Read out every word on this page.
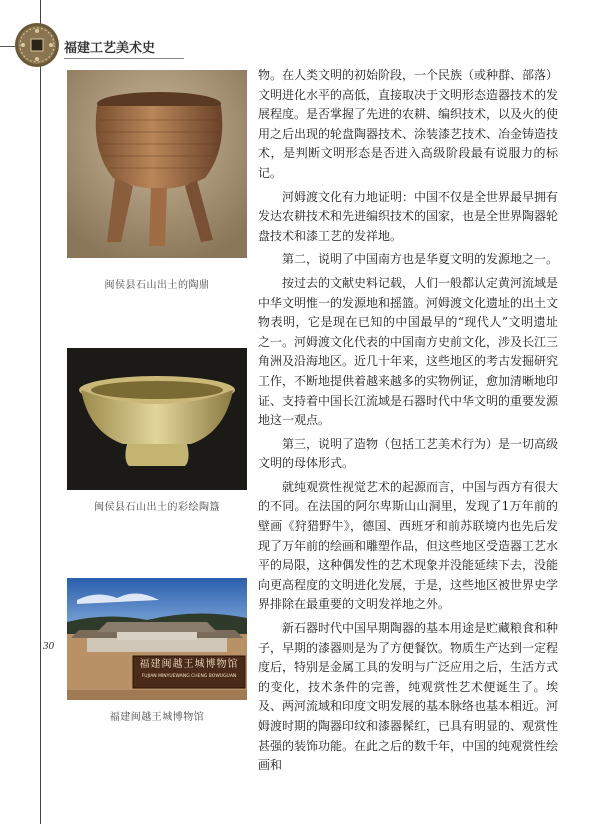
福建工艺美术史
闽侯县石山出土的陶鼎
闽侯县石山出土的彩绘陶簋
福建闽越王城博物馆
FUJIAN MINYUEWANG CHENG BOWUGUAN
福建闽越王城博物馆
30

物。在人类文明的初始阶段，一个民族（或种群、部落）文明进化水平的高低，直接取决于文明形态造器技术的发展程度。是否掌握了先进的农耕、编织技术，以及火的使用之后出现的轮盘陶器技术、涂装漆艺技术、冶金铸造技术，是判断文明形态是否进入高级阶段最有说服力的标记。

河姆渡文化有力地证明：中国不仅是全世界最早拥有发达农耕技术和先进编织技术的国家，也是全世界陶器轮盘技术和漆工艺的发祥地。

第二，说明了中国南方也是华夏文明的发源地之一。

按过去的文献史料记载，人们一般都认定黄河流域是中华文明惟一的发源地和摇篮。河姆渡文化遗址的出土文物表明，它是现在已知的中国最早的“现代人”文明遗址之一。河姆渡文化代表的中国南方史前文化，涉及长江三角洲及沿海地区。近几十年来，这些地区的考古发掘研究工作，不断地提供着越来越多的实物例证，愈加清晰地印证、支持着中国长江流域是石器时代中华文明的重要发源地这一观点。

第三，说明了造物（包括工艺美术行为）是一切高级文明的母体形式。

就纯观赏性视觉艺术的起源而言，中国与西方有很大的不同。在法国的阿尔卑斯山山洞里，发现了1万年前的壁画《狩猎野牛》，德国、西班牙和前苏联境内也先后发现了万年前的绘画和雕塑作品，但这些地区受造器工艺水平的局限，这种偶发性的艺术现象并没能延续下去，没能向更高程度的文明进化发展，于是，这些地区被世界史学界排除在最重要的文明发祥地之外。

新石器时代中国早期陶器的基本用途是贮藏粮食和种子，早期的漆器则是为了方便餐饮。物质生产达到一定程度后，特别是金属工具的发明与广泛应用之后，生活方式的变化，技术条件的完善，纯观赏性艺术便诞生了。埃及、两河流域和印度文明发展的基本脉络也基本相近。河姆渡时期的陶器印纹和漆器髹红，已具有明显的、观赏性甚强的装饰功能。在此之后的数千年，中国的纯观赏性绘画和
